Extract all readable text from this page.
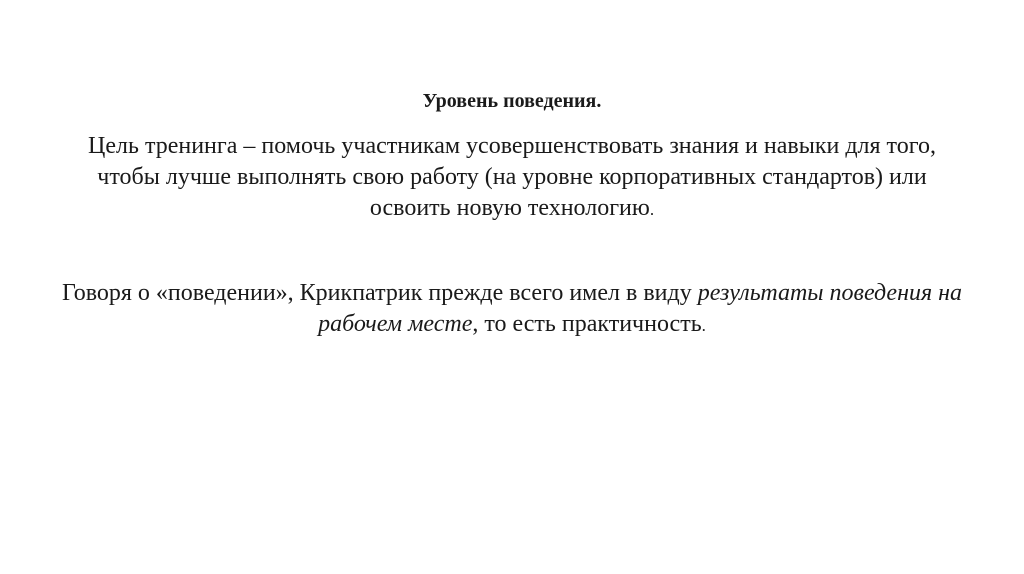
Уровень поведения.

Цель тренинга – помочь участникам усовершенствовать знания и навыки для того, чтобы лучше выполнять свою работу (на уровне корпоративных стандартов) или освоить новую технологию.

Говоря о «поведении», Крикпатрик прежде всего имел в виду результаты поведения на рабочем месте, то есть практичность.
